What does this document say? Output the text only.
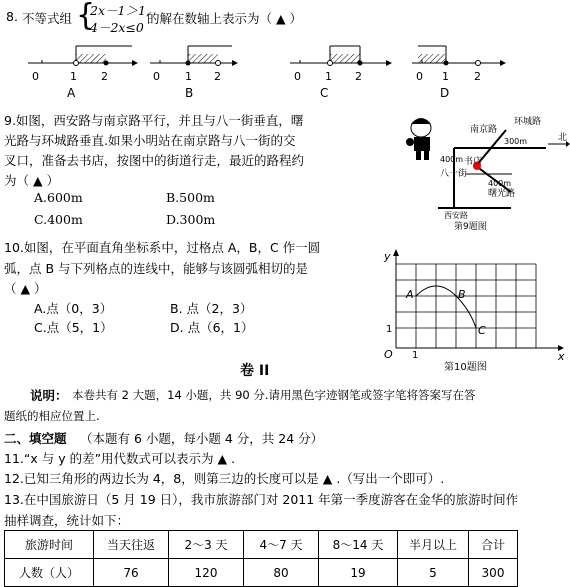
8. 不等式组 {
2x－1＞1,
4－2x≤0
的解在数轴上表示为（ ▲ ）
0	1 2
A
0 1 2
B
0 1 2
C
0 1 2
D
9.如图，西安路与南京路平行，并且与八一街垂直，曙
光路与环城路垂直.如果小明站在南京路与八一街的交
叉口，准备去书店，按图中的街道行走，最近的路程约
为（ ▲ ）
A.600m	B.500m
C.400m	D.300m
北
南京路
环城路
300m
400m
八一街
书店
400m
曙光路
西安路
第9题图
10.如图，在平面直角坐标系中，过格点 A，B，C 作一圆
弧，点 B 与下列格点的连线中，能够与该圆弧相切的是
（ ▲ ）
A.点（0，3）	B. 点（2，3）
C.点（5，1）	D. 点（6，1）
y
x
O 1
1
A	B
C
第10题图
卷 II
说明： 本卷共有 2 大题，14 小题，共 90 分.请用黑色字迹钢笔或签字笔将答案写在答
题纸的相应位置上.
二、填空题 （本题有 6 小题，每小题 4 分，共 24 分）
11.“x 与 y 的差”用代数式可以表示为 ▲ .
12.已知三角形的两边长为 4，8，则第三边的长度可以是 ▲ .（写出一个即可）.
13.在中国旅游日（5 月 19 日），我市旅游部门对 2011 年第一季度游客在金华的旅游时间作
抽样调查，统计如下：
旅游时间	当天往返	2～3 天	4～7 天	8～14 天	半月以上	合计
人数（人）	76	120	80	19	5	300
